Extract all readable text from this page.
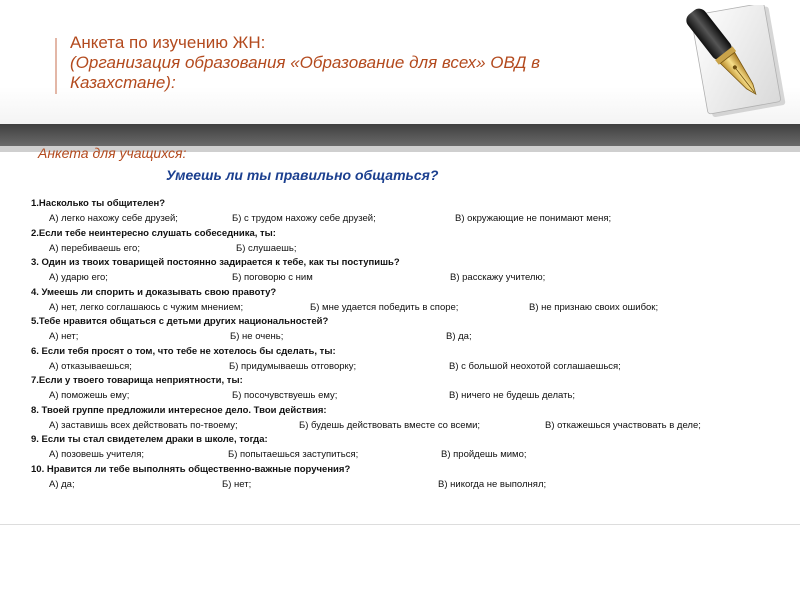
Анкета по изучению ЖН:
(Организация образования «Образование для всех» ОВД в
Казахстане):
Анкета для учащихся:
Умеешь ли ты правильно общаться?
1.Насколько ты общителен?
А) легко нахожу себе друзей;	Б) с трудом нахожу себе друзей;	В) окружающие не понимают меня;
2.Если тебе неинтересно слушать собеседника, ты:
А) перебиваешь его;	Б) слушаешь;
3. Один из твоих товарищей постоянно задирается к тебе, как ты поступишь?
А) ударю его;	Б) поговорю с ним	В) расскажу учителю;
4. Умеешь ли спорить и доказывать свою правоту?
А) нет, легко соглашаюсь с чужим мнением;	Б) мне удается победить в споре;	В) не признаю своих ошибок;
5.Тебе нравится общаться с детьми других национальностей?
А) нет;	Б) не очень;	В) да;
6. Если тебя просят о том, что тебе не хотелось бы сделать, ты:
А) отказываешься;	Б) придумываешь отговорку;	В) с большой неохотой соглашаешься;
7.Если у твоего товарища неприятности, ты:
А) поможешь ему;	Б) посочувствуешь ему;	В) ничего не будешь делать;
8. Твоей группе предложили интересное дело. Твои действия:
А) заставишь всех действовать по-твоему;	Б) будешь действовать вместе со всеми;	В) откажешься участвовать в деле;
9. Если ты стал свидетелем драки в школе, тогда:
А) позовешь учителя;	Б) попытаешься заступиться;	В) пройдешь мимо;
10. Нравится ли тебе выполнять общественно-важные поручения?
А) да;	Б) нет;	В) никогда не выполнял;
